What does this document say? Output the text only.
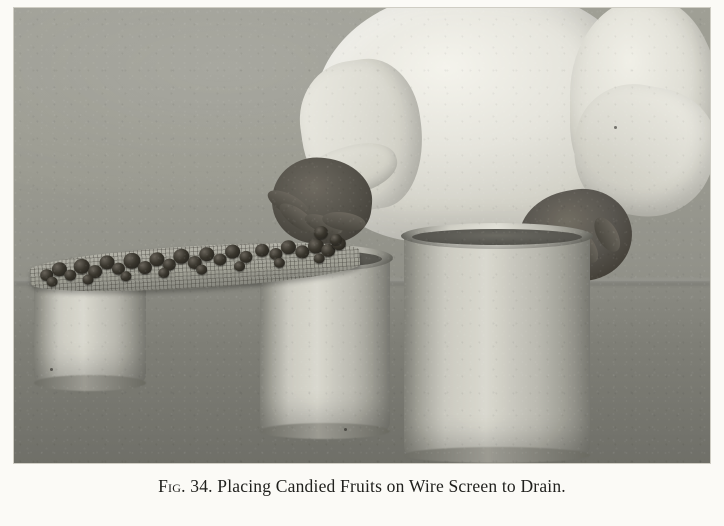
Fig. 34. Placing Candied Fruits on Wire Screen to Drain.
